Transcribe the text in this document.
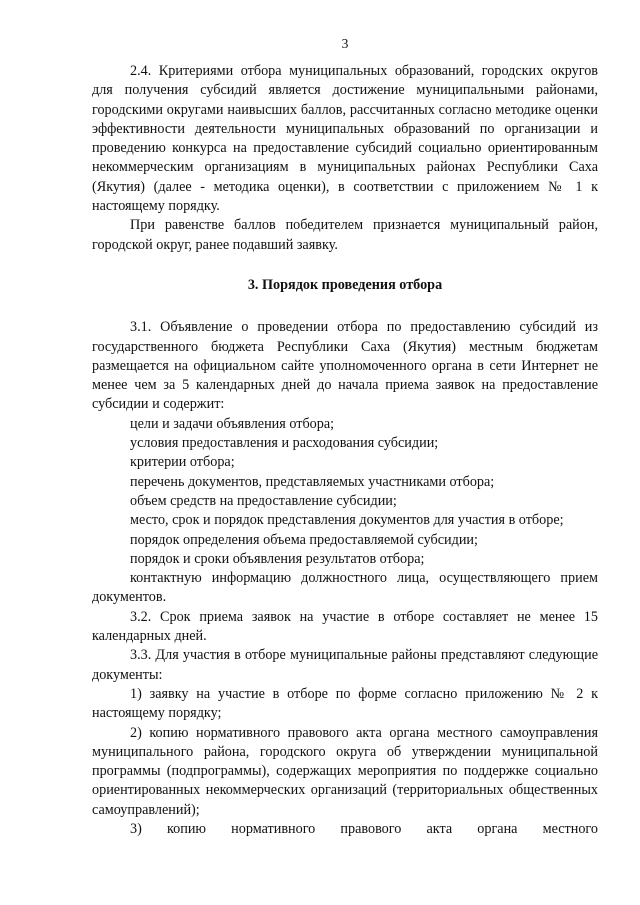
3

2.4. Критериями отбора муниципальных образований, городских округов для получения субсидий является достижение муниципальными районами, городскими округами наивысших баллов, рассчитанных согласно методике оценки эффективности деятельности муниципальных образований по организации и проведению конкурса на предоставление субсидий социально ориентированным некоммерческим организациям в муниципальных районах Республики Саха (Якутия) (далее - методика оценки), в соответствии с приложением № 1 к настоящему порядку.

При равенстве баллов победителем признается муниципальный район, городской округ, ранее подавший заявку.

3. Порядок проведения отбора

3.1. Объявление о проведении отбора по предоставлению субсидий из государственного бюджета Республики Саха (Якутия) местным бюджетам размещается на официальном сайте уполномоченного органа в сети Интернет не менее чем за 5 календарных дней до начала приема заявок на предоставление субсидии и содержит:

цели и задачи объявления отбора;

условия предоставления и расходования субсидии;

критерии отбора;

перечень документов, представляемых участниками отбора;

объем средств на предоставление субсидии;

место, срок и порядок представления документов для участия в отборе;

порядок определения объема предоставляемой субсидии;

порядок и сроки объявления результатов отбора;

контактную информацию должностного лица, осуществляющего прием документов.

3.2. Срок приема заявок на участие в отборе составляет не менее 15 календарных дней.

3.3. Для участия в отборе муниципальные районы представляют следующие документы:

1) заявку на участие в отборе по форме согласно приложению № 2 к настоящему порядку;

2) копию нормативного правового акта органа местного самоуправления муниципального района, городского округа об утверждении муниципальной программы (подпрограммы), содержащих мероприятия по поддержке социально ориентированных некоммерческих организаций (территориальных общественных самоуправлений);

3) копию нормативного правового акта органа местного
